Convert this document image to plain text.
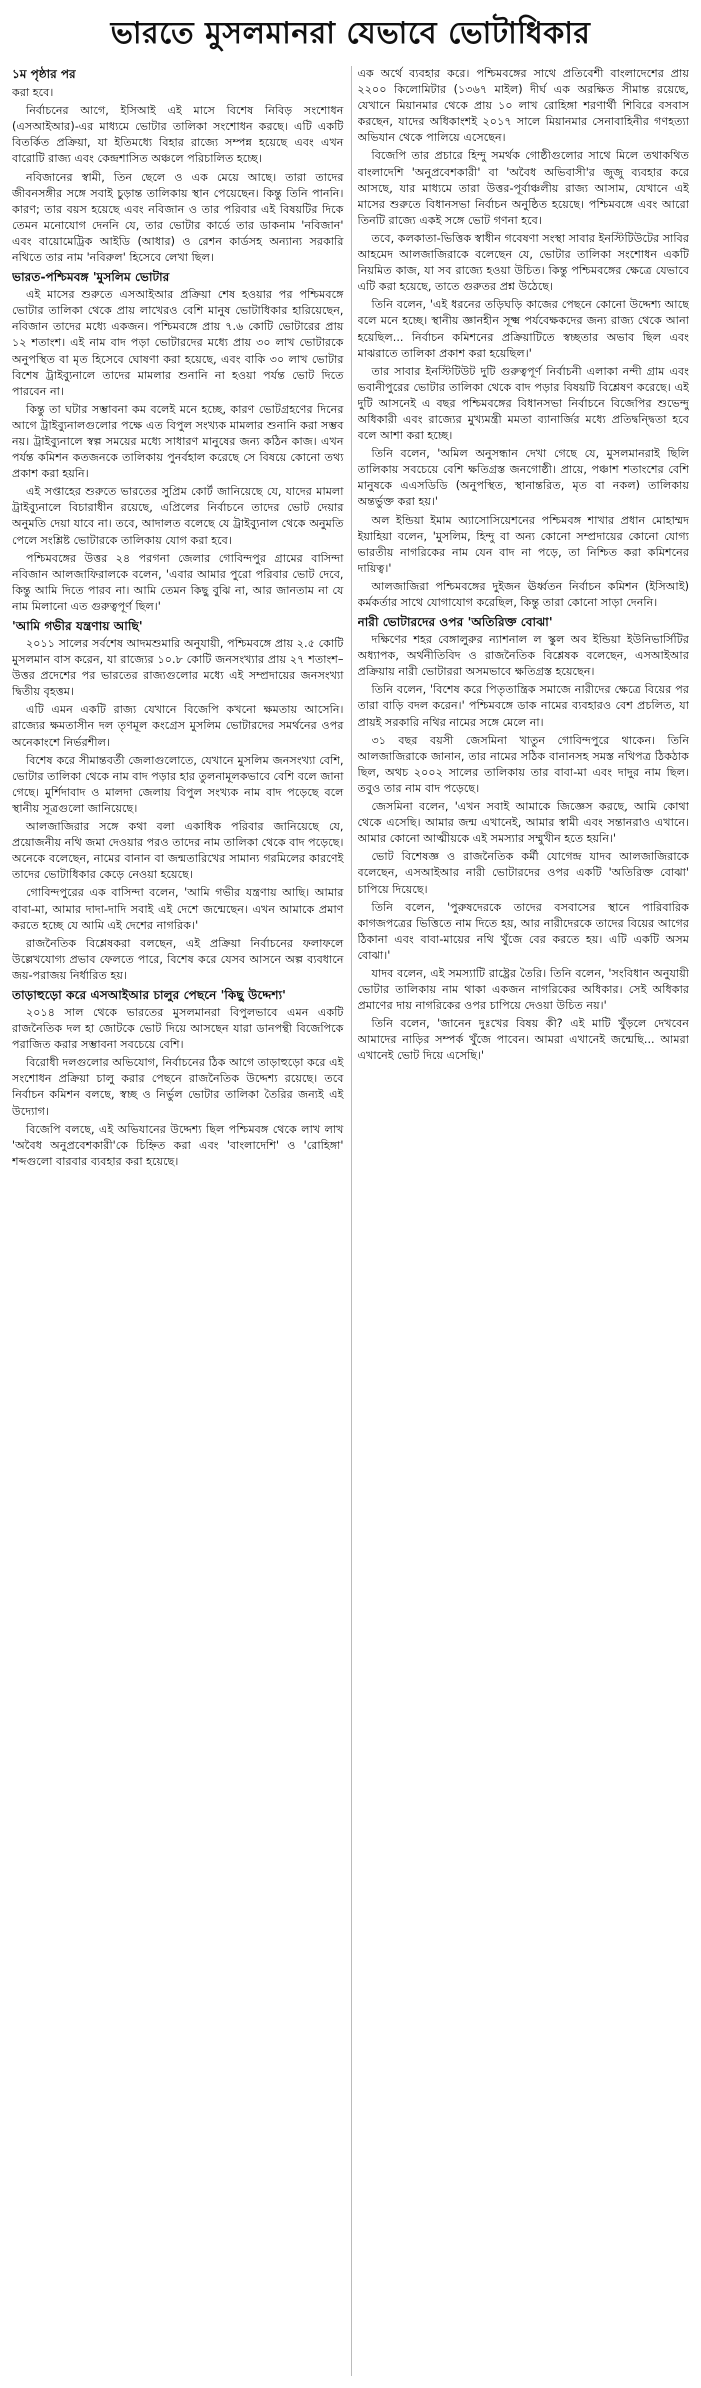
ভারতে মুসলমানরা যেভাবে ভোটাধিকার

১ম পৃষ্ঠার পর

করা হবে।

নির্বাচনের আগে, ইসিআই এই মাসে বিশেষ নিবিড় সংশোধন (এসআইআর)-এর মাধ্যমে ভোটার তালিকা সংশোধন করছে। এটি একটি বিতর্কিত প্রক্রিয়া, যা ইতিমধ্যে বিহার রাজ্যে সম্পন্ন হয়েছে এবং এখন বারোটি রাজ্য এবং কেন্দ্রশাসিত অঞ্চলে পরিচালিত হচ্ছে।

নবিজানের স্বামী, তিন ছেলে ও এক মেয়ে আছে। তারা তাদের জীবনসঙ্গীর সঙ্গে সবাই চুড়ান্ত তালিকায় স্থান পেয়েছেন। কিন্তু তিনি পাননি। কারণ; তার বয়স হয়েছে এবং নবিজান ও তার পরিবার এই বিষয়টির দিকে তেমন মনোযোগ দেননি যে, তার ভোটার কার্ডে তার ডাকনাম 'নবিজান' এবং বায়োমেট্রিক আইডি (আধার) ও রেশন কার্ডসহ অন্যান্য সরকারি নথিতে তার নাম 'নবিরুল' হিসেবে লেখা ছিল।

ভারত-পশ্চিমবঙ্গ 'মুসলিম ভোটার

এই মাসের শুরুতে এসআইআর প্রক্রিয়া শেষ হওয়ার পর পশ্চিমবঙ্গে ভোটার তালিকা থেকে প্রায় লাখেরও বেশি মানুষ ভোটাধিকার হারিয়েছেন, নবিজান তাদের মধ্যে একজন। পশ্চিমবঙ্গে প্রায় ৭.৬ কোটি ভোটারের প্রায় ১২ শতাংশ। এই নাম বাদ পড়া ভোটারদের মধ্যে প্রায় ৩০ লাখ ভোটারকে অনুপস্থিত বা মৃত হিসেবে ঘোষণা করা হয়েছে, এবং বাকি ৩০ লাখ ভোটার বিশেষ ট্রাইব্যুনালে তাদের মামলার শুনানি না হওয়া পর্যন্ত ভোট দিতে পারবেন না।

কিন্তু তা ঘটার সম্ভাবনা কম বলেই মনে হচ্ছে, কারণ ভোটগ্রহণের দিনের আগে ট্রাইব্যুনালগুলোর পক্ষে এত বিপুল সংখ্যক মামলার শুনানি করা সম্ভব নয়। ট্রাইব্যুনালে স্বল্প সময়ের মধ্যে সাধারণ মানুষের জন্য কঠিন কাজ। এখন পর্যন্ত কমিশন কতজনকে তালিকায় পুনর্বহাল করেছে সে বিষয়ে কোনো তথ্য প্রকাশ করা হয়নি।

এই সপ্তাহের শুরুতে ভারতের সুপ্রিম কোর্ট জানিয়েছে যে, যাদের মামলা ট্রাইব্যুনালে বিচারাধীন রয়েছে, এপ্রিলের নির্বাচনে তাদের ভোট দেয়ার অনুমতি দেয়া যাবে না। তবে, আদালত বলেছে যে ট্রাইব্যুনাল থেকে অনুমতি পেলে সংশ্লিষ্ট ভোটারকে তালিকায় যোগ করা হবে।

পশ্চিমবঙ্গের উত্তর ২৪ পরগনা জেলার গোবিন্দপুর গ্রামের বাসিন্দা নবিজান আলজাফিরালকে বলেন, 'এবার আমার পুরো পরিবার ভোট দেবে, কিন্তু আমি দিতে পারব না। আমি তেমন কিছু বুঝি না, আর জানতাম না যে নাম মিলানো এত গুরুত্বপূর্ণ ছিল।'

'আমি গভীর যন্ত্রণায় আছি'

২০১১ সালের সর্বশেষ আদমশুমারি অনুযায়ী, পশ্চিমবঙ্গে প্রায় ২.৫ কোটি মুসলমান বাস করেন, যা রাজ্যের ১০.৮ কোটি জনসংখ্যার প্রায় ২৭ শতাংশ– উত্তর প্রদেশের পর ভারতের রাজ্যগুলোর মধ্যে এই সম্প্রদায়ের জনসংখ্যা দ্বিতীয় বৃহত্তম।

এটি এমন একটি রাজ্য যেখানে বিজেপি কখনো ক্ষমতায় আসেনি। রাজ্যের ক্ষমতাসীন দল তৃণমূল কংগ্রেস মুসলিম ভোটারদের সমর্থনের ওপর অনেকাংশে নির্ভরশীল।

বিশেষ করে সীমান্তবর্তী জেলাগুলোতে, যেখানে মুসলিম জনসংখ্যা বেশি, ভোটার তালিকা থেকে নাম বাদ পড়ার হার তুলনামূলকভাবে বেশি বলে জানা গেছে। মুর্শিদাবাদ ও মালদা জেলায় বিপুল সংখ্যক নাম বাদ পড়েছে বলে স্থানীয় সূত্রগুলো জানিয়েছে।

আলজাজিরার সঙ্গে কথা বলা একাধিক পরিবার জানিয়েছে যে, প্রয়োজনীয় নথি জমা দেওয়ার পরও তাদের নাম তালিকা থেকে বাদ পড়েছে। অনেকে বলেছেন, নামের বানান বা জন্মতারিখের সামান্য গরমিলের কারণেই তাদের ভোটাধিকার কেড়ে নেওয়া হয়েছে।

গোবিন্দপুরের এক বাসিন্দা বলেন, 'আমি গভীর যন্ত্রণায় আছি। আমার বাবা-মা, আমার দাদা-দাদি সবাই এই দেশে জন্মেছেন। এখন আমাকে প্রমাণ করতে হচ্ছে যে আমি এই দেশের নাগরিক।'

রাজনৈতিক বিশ্লেষকরা বলছেন, এই প্রক্রিয়া নির্বাচনের ফলাফলে উল্লেখযোগ্য প্রভাব ফেলতে পারে, বিশেষ করে যেসব আসনে অল্প ব্যবধানে জয়-পরাজয় নির্ধারিত হয়।

তাড়াহুড়ো করে এসআইআর চালুর পেছনে 'কিছু উদ্দেশ্য'

২০১৪ সাল থেকে ভারতের মুসলমানরা বিপুলভাবে এমন একটি রাজনৈতিক দল হা জোটকে ভোট দিয়ে আসছেন যারা ডানপন্থী বিজেপিকে পরাজিত করার সম্ভাবনা সবচেয়ে বেশি।

বিরোধী দলগুলোর অভিযোগ, নির্বাচনের ঠিক আগে তাড়াহুড়ো করে এই সংশোধন প্রক্রিয়া চালু করার পেছনে রাজনৈতিক উদ্দেশ্য রয়েছে। তবে নির্বাচন কমিশন বলছে, স্বচ্ছ ও নির্ভুল ভোটার তালিকা তৈরির জন্যই এই উদ্যোগ।

বিজেপি বলছে, এই অভিযানের উদ্দেশ্য ছিল পশ্চিমবঙ্গ থেকে লাখ লাখ 'অবৈধ অনুপ্রবেশকারী'কে চিহ্নিত করা এবং 'বাংলাদেশি' ও 'রোহিঙ্গা' শব্দগুলো বারবার ব্যবহার করা হয়েছে।

এক অর্থে ব্যবহার করে। পশ্চিমবঙ্গের সাথে প্রতিবেশী বাংলাদেশের প্রায় ২২০০ কিলোমিটার (১৩৬৭ মাইল) দীর্ঘ এক অরক্ষিত সীমান্ত রয়েছে, যেখানে মিয়ানমার থেকে প্রায় ১০ লাখ রোহিঙ্গা শরণার্থী শিবিরে বসবাস করছেন, যাদের অধিকাংশই ২০১৭ সালে মিয়ানমার সেনাবাহিনীর গণহত্যা অভিযান থেকে পালিয়ে এসেছেন।

বিজেপি তার প্রচারে হিন্দু সমর্থক গোষ্ঠীগুলোর সাথে মিলে তথাকথিত বাংলাদেশি 'অনুপ্রবেশকারী' বা 'অবৈধ অভিবাসী'র জুজু ব্যবহার করে আসছে, যার মাধ্যমে তারা উত্তর-পূর্বাঞ্চলীয় রাজ্য আসাম, যেখানে এই মাসের শুরুতে বিধানসভা নির্বাচন অনুষ্ঠিত হয়েছে। পশ্চিমবঙ্গে এবং আরো তিনটি রাজ্যে একই সঙ্গে ভোট গণনা হবে।

তবে, কলকাতা-ভিত্তিক স্বাধীন গবেষণা সংস্থা সাবার ইনস্টিটিউটের সাবির আহমেদ আলজাজিরাকে বলেছেন যে, ভোটার তালিকা সংশোধন একটি নিয়মিত কাজ, যা সব রাজ্যে হওয়া উচিত। কিন্তু পশ্চিমবঙ্গের ক্ষেত্রে যেভাবে এটি করা হয়েছে, তাতে গুরুতর প্রশ্ন উঠেছে।

তিনি বলেন, 'এই ধরনের তড়িঘড়ি কাজের পেছনে কোনো উদ্দেশ্য আছে বলে মনে হচ্ছে। স্থানীয় জ্ঞানহীন সূক্ষ্ম পর্যবেক্ষকদের জন্য রাজ্য থেকে আনা হয়েছিল... নির্বাচন কমিশনের প্রক্রিয়াটিতে স্বচ্ছতার অভাব ছিল এবং মাঝরাতে তালিকা প্রকাশ করা হয়েছিল।'

তার সাবার ইনস্টিটিউট দুটি গুরুত্বপূর্ণ নির্বাচনী এলাকা নন্দী গ্রাম এবং ভবানীপুরের ভোটার তালিকা থেকে বাদ পড়ার বিষয়টি বিশ্লেষণ করেছে। এই দুটি আসনেই এ বছর পশ্চিমবঙ্গের বিধানসভা নির্বাচনে বিজেপির শুভেন্দু অধিকারী এবং রাজ্যের মুখ্যমন্ত্রী মমতা ব্যানার্জির মধ্যে প্রতিদ্বন্দ্বিতা হবে বলে আশা করা হচ্ছে।

তিনি বলেন, 'অমিল অনুসন্ধান দেখা গেছে যে, মুসলমানরাই ছিলি তালিকায় সবচেয়ে বেশি ক্ষতিগ্রস্ত জনগোষ্ঠী। প্রায়ে, পঞ্চাশ শতাংশের বেশি মানুষকে এএসডিডি (অনুপস্থিত, স্থানান্তরিত, মৃত বা নকল) তালিকায় অন্তর্ভুক্ত করা হয়।'

অল ইন্ডিয়া ইমাম অ্যাসোসিয়েশনের পশ্চিমবঙ্গ শাখার প্রধান মোহাম্মদ ইয়াহিয়া বলেন, 'মুসলিম, হিন্দু বা অন্য কোনো সম্প্রদায়ের কোনো যোগ্য ভারতীয় নাগরিকের নাম যেন বাদ না পড়ে, তা নিশ্চিত করা কমিশনের দায়িত্ব।'

আলজাজিরা পশ্চিমবঙ্গের দুইজন ঊর্ধ্বতন নির্বাচন কমিশন (ইসিআই) কর্মকর্তার সাথে যোগাযোগ করেছিল, কিন্তু তারা কোনো সাড়া দেননি।

নারী ভোটারদের ওপর 'অতিরিক্ত বোঝা'

দক্ষিণের শহর বেঙ্গালুরুর ন্যাশনাল ল স্কুল অব ইন্ডিয়া ইউনিভার্সিটির অধ্যাপক, অর্থনীতিবিদ ও রাজনৈতিক বিশ্লেষক বলেছেন, এসআইআর প্রক্রিয়ায় নারী ভোটাররা অসমভাবে ক্ষতিগ্রস্ত হয়েছেন।

তিনি বলেন, 'বিশেষ করে পিতৃতান্ত্রিক সমাজে নারীদের ক্ষেত্রে বিয়ের পর তারা বাড়ি বদল করেন।' পশ্চিমবঙ্গে ডাক নামের ব্যবহারও বেশ প্রচলিত, যা প্রায়ই সরকারি নথির নামের সঙ্গে মেলে না।

৩১ বছর বয়সী জেসমিনা খাতুন গোবিন্দপুরে থাকেন। তিনি আলজাজিরাকে জানান, তার নামের সঠিক বানানসহ সমস্ত নথিপত্র ঠিকঠাক ছিল, অথচ ২০০২ সালের তালিকায় তার বাবা-মা এবং দাদুর নাম ছিল। তবুও তার নাম বাদ পড়েছে।

জেসমিনা বলেন, 'এখন সবাই আমাকে জিজ্ঞেস করছে, আমি কোথা থেকে এসেছি। আমার জন্ম এখানেই, আমার স্বামী এবং সন্তানরাও এখানে। আমার কোনো আত্মীয়কে এই সমস্যার সম্মুখীন হতে হয়নি।'

ভোট বিশেষজ্ঞ ও রাজনৈতিক কর্মী যোগেন্দ্র যাদব আলজাজিরাকে বলেছেন, এসআইআর নারী ভোটারদের ওপর একটি 'অতিরিক্ত বোঝা' চাপিয়ে দিয়েছে।

তিনি বলেন, 'পুরুষদেরকে তাদের বসবাসের স্থানে পারিবারিক কাগজপত্রের ভিত্তিতে নাম দিতে হয়, আর নারীদেরকে তাদের বিয়ের আগের ঠিকানা এবং বাবা-মায়ের নথি খুঁজে বের করতে হয়। এটি একটি অসম বোঝা।'

যাদব বলেন, এই সমস্যাটি রাষ্ট্রের তৈরি। তিনি বলেন, 'সংবিধান অনুযায়ী ভোটার তালিকায় নাম থাকা একজন নাগরিকের অধিকার। সেই অধিকার প্রমাণের দায় নাগরিকের ওপর চাপিয়ে দেওয়া উচিত নয়।'

তিনি বলেন, 'জানেন দুঃখের বিষয় কী? এই মাটি খুঁড়লে দেখবেন আমাদের নাড়ির সম্পর্ক খুঁজে পাবেন। আমরা এখানেই জন্মেছি... আমরা এখানেই ভোট দিয়ে এসেছি।'
